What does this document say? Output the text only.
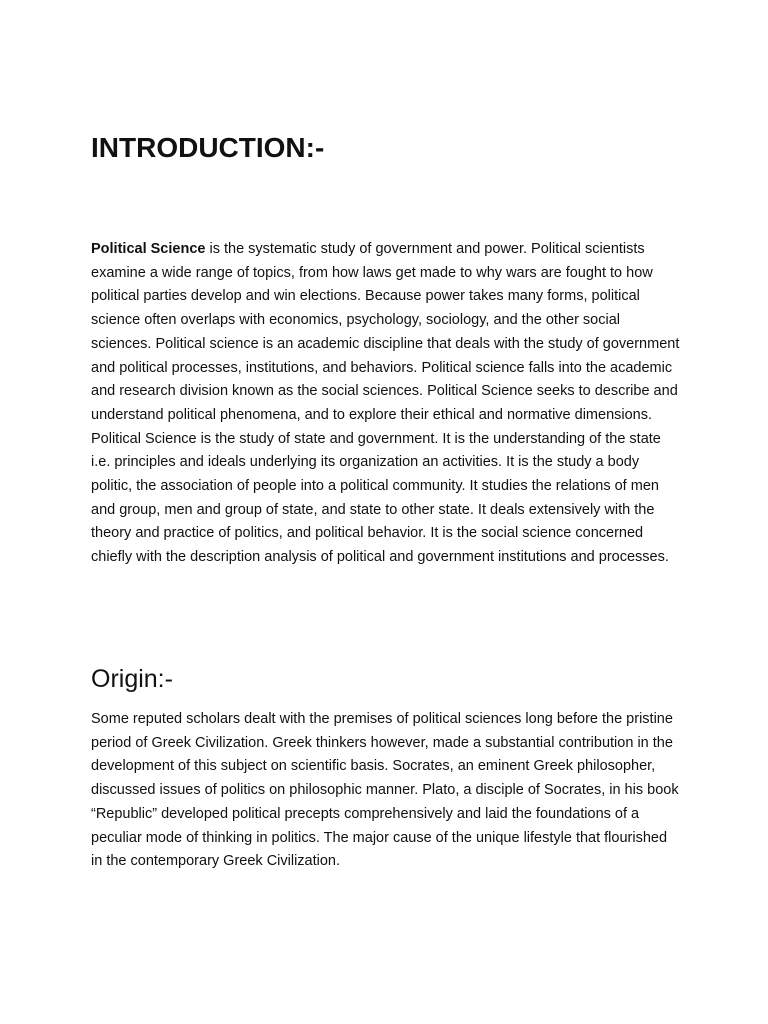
INTRODUCTION:-

Political Science is the systematic study of government and power. Political scientists examine a wide range of topics, from how laws get made to why wars are fought to how political parties develop and win elections. Because power takes many forms, political science often overlaps with economics, psychology, sociology, and the other social sciences. Political science is an academic discipline that deals with the study of government and political processes, institutions, and behaviors. Political science falls into the academic and research division known as the social sciences. Political Science seeks to describe and understand political phenomena, and to explore their ethical and normative dimensions. Political Science is the study of state and government. It is the understanding of the state i.e. principles and ideals underlying its organization an activities. It is the study a body politic, the association of people into a political community. It studies the relations of men and group, men and group of state, and state to other state. It deals extensively with the theory and practice of politics, and political behavior. It is the social science concerned chiefly with the description analysis of political and government institutions and processes.

Origin:-

Some reputed scholars dealt with the premises of political sciences long before the pristine period of Greek Civilization. Greek thinkers however, made a substantial contribution in the development of this subject on scientific basis. Socrates, an eminent Greek philosopher, discussed issues of politics on philosophic manner. Plato, a disciple of Socrates, in his book “Republic” developed political precepts comprehensively and laid the foundations of a peculiar mode of thinking in politics. The major cause of the unique lifestyle that flourished in the contemporary Greek Civilization.
